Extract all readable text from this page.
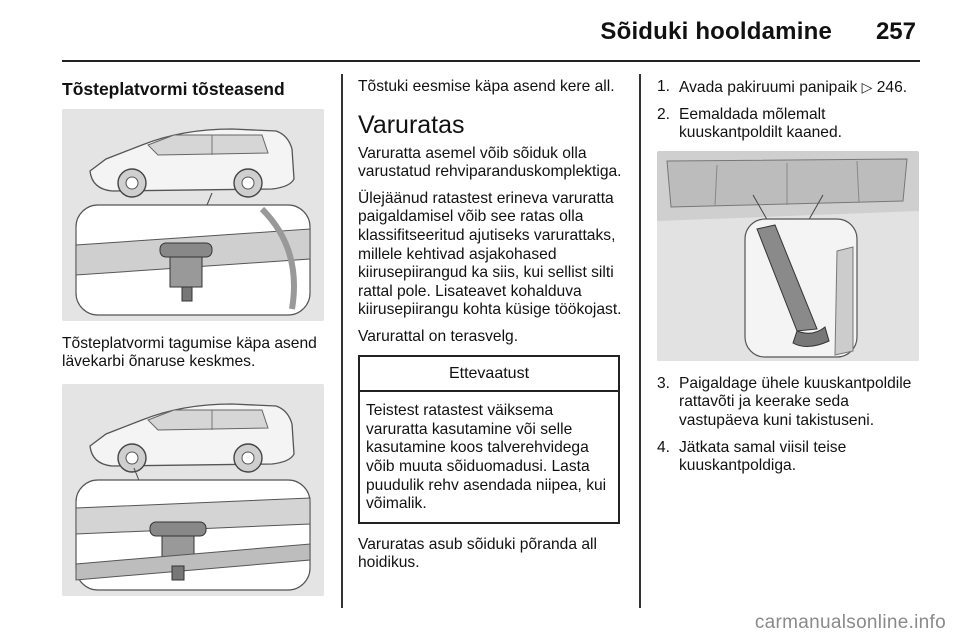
Sõiduki hooldamine 257
Tõsteplatvormi tõsteasend

Tõsteplatvormi tagumise käpa asend lävekarbi õnaruse keskmes.

Tõstuki eesmise käpa asend kere all.

Varuratas

Varuratta asemel võib sõiduk olla varustatud rehviparanduskomplektiga.

Ülejäänud ratastest erineva varuratta paigaldamisel võib see ratas olla klassifitseeritud ajutiseks varurattaks, millele kehtivad asjakohased kiirusepiirangud ka siis, kui sellist silti rattal pole. Lisateavet kohalduva kiirusepiirangu kohta küsige töökojast.

Varurattal on terasvelg.

Ettevaatust

Teistest ratastest väiksema varuratta kasutamine või selle kasutamine koos talverehvidega võib muuta sõiduomadusi. Lasta puudulik rehv asendada niipea, kui võimalik.

Varuratas asub sõiduki põranda all hoidikus.

1. Avada pakiruumi panipaik ▷ 246.
2. Eemaldada mõlemalt kuuskantpoldilt kaaned.
3. Paigaldage ühele kuuskantpoldile rattavõti ja keerake seda vastupäeva kuni takistuseni.
4. Jätkata samal viisil teise kuuskantpoldiga.
carmanualsonline.info
